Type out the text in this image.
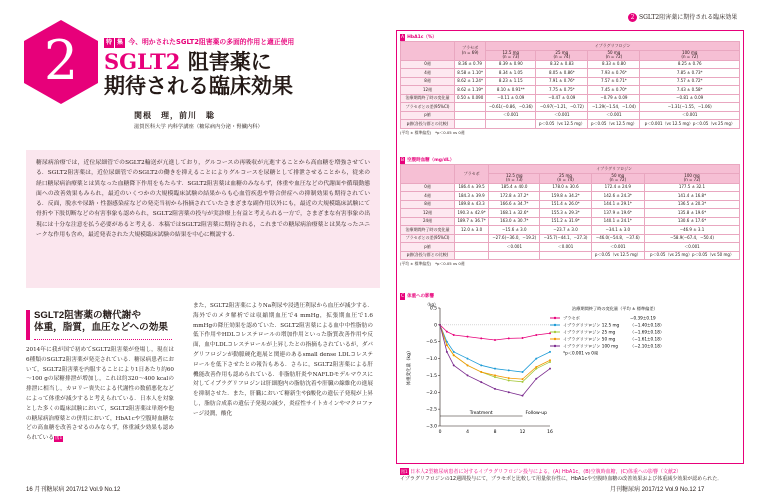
2	特 集 今、明かされたSGLT2阻害薬の多面的作用と適正使用
SGLT2 阻害薬に
期待される臨床効果
関根　理，前川　聡
滋賀医科大学 内科学講座（糖尿病内分泌・腎臓内科）
糖尿病治療では，近位尿細管でのSGLT2輸送が亢進しており，グルコースの再吸収が亢進することから高血糖を増強させている．SGLT2阻害薬は，近位尿細管でのSGLT2の働きを抑えることによりグルコースを尿糖として排泄させることから，従来の経口糖尿病治療薬とは異なった血糖降下作用をもたらす．SGLT2阻害薬は血糖のみならず，体重や血圧などの代謝面や循環動態面への改善効果もみられ，最近のいくつかの大規模臨床試験の結果からも心血管疾患や腎合併症への抑制効果も期待されている．反面，脱水や尿路・性器感染症などの発売当初から指摘されていたさまざまな副作用以外にも，最近の大規模臨床試験にて骨折や下肢切断などの有害事象も認められ，SGLT2阻害薬の投与が実診療上有益と考えられる一方で，さまざまな有害事象の出現には十分な注意を払う必要があると考える．本稿ではSGLT2阻害薬に期待される，これまでの糖尿病治療薬とは異なったユニークな作用も含め，最近発表された大規模臨床試験の結果を中心に概説する．
SGLT2阻害薬の糖代謝や
体重，脂質，血圧などへの効果
2014年に我が国で初めてSGLT2阻害薬が登場し，現在は6種類のSGLT2阻害薬が発売されている．糖尿病患者において，SGLT2阻害薬を内服することにより1日あたり約60～100 gの尿糖排泄が増加し，これは約320～400 kcalの排泄に相当し，カロリー喪失による代謝性の数値悪化などによって体重が減少すると考えられている．日本人を対象とした多くの臨床試験において，SGLT2阻害薬は単剤や他の糖尿病治療薬との併用において，HbA1cや空腹時血糖などの高血糖を改善させるのみならず，体重減少効果も認められている図1
また，SGLT2阻害薬によりNa利尿や浸透圧利尿から血圧が減少する．海外でのメタ解析では収縮期血圧で4 mmHg，拡張期血圧で1.6 mmHgの降圧効果を認めていた．SGLT2阻害薬による血中中性脂肪の低下作用やHDLコレステロールの増加作用といった脂質改善作用や反面，血中LDLコレステロールが上昇したとの指摘もされているが，ダパグリフロジンが動脈硬化進展と関連のあるsmall dense LDLコレステロールを低下させたとの報告もある．さらに，SGLT2阻害薬による肝機能改善作用も認められている．非脂肪肝炎やNAFLDモデルマウスに対してイプラグリフロジンは肝細胞内の脂肪沈着や肝臓の線維化の進展を抑制させた．また，肝臓において糖新生やβ酸化の遺伝子発現が上昇し，脂肪合成系の遺伝子発現の減少，炎症性サイトカインやマクロファージ浸潤，酸化
16 月刊糖尿病 2017/12 Vol.9 No.12
2 SGLT2阻害薬に期待される臨床効果
A HbA1c（%）
	プラセボ
(n = 69)	イプラグリフロジン			
		12.5 mg
(n = 73)	25 mg
(n = 74)	50 mg
(n = 72)	100 mg
(n = 72)
0週	8.36 ± 0.79	8.39 ± 0.90	8.32 ± 0.83	8.33 ± 0.80	8.25 ± 0.76
4週	8.58 ± 1.10*	8.34 ± 1.05	8.05 ± 0.86*	7.93 ± 0.76*	7.85 ± 0.73*
8週	8.62 ± 1.24*	8.23 ± 1.15	7.91 ± 0.76*	7.57 ± 0.71*	7.57 ± 0.72*
12週	8.62 ± 1.19*	8.10 ± 0.91**	7.75 ± 0.75*	7.45 ± 0.70*	7.43 ± 0.58*
治療期間終了時の変化量	0.50 ± 0.090	−0.11 ± 0.09	−0.47 ± 0.09	−0.79 ± 0.09	−0.81 ± 0.09
プラセボとの差(95%CI)		−0.61(−0.86，−0.36)	−0.97(−1.21，−0.72)	−1.29(−1.54，−1.04)	−1.31(−1.55，−1.06)
p値		＜0.001	＜0.001	＜0.001	＜0.001
p値(各投与群との比較)			p＜0.05（vs 12.5 mg）	p＜0.05（vs 12.5 mg）	p＜0.001（vs 12.5 mg）p＜0.05（vs 25 mg）
(平均 ± 標準偏差)　*p＜0.05 vs 0週
B 空腹時血糖（mg/dL）
	プラセボ	イプラグリフロジン			
		12.5 mg
(n = 73)	25 mg
(n = 74)	50 mg
(n = 72)	100 mg
(n = 72)
0週	186.4 ± 39.5	185.4 ± 40.0	178.0 ± 30.6	172.4 ± 24.9	177.5 ± 32.1
4週	184.3 ± 39.9	172.8 ± 37.2*	159.8 ± 34.2*	142.6 ± 24.3*	141.4 ± 16.8*
8週	189.8 ± 43.3	166.6 ± 34.7*	151.4 ± 26.0*	144.1 ± 29.1*	136.5 ± 20.3*
12週	190.3 ± 42.9*	168.1 ± 32.6*	155.3 ± 29.3*	137.9 ± 19.6*	135.8 ± 19.6*
24週	189.7 ± 36.7*	163.0 ± 30.7*	151.2 ± 31.9*	140.1 ± 24.1*	130.6 ± 17.6*
治療期間終了時の変化量	12.0 ± 3.0	−15.6 ± 3.0	−23.7 ± 3.0	−34.1 ± 3.0	−46.9 ± 3.1
プラセボとの差(95%CI)		−27.6(−36.0，−19.2)	−35.7(−44.1，−27.3)	−46.0(−54.8，−37.6)	−58.9(−67.4，−50.4)
p値		＜0.001	＜0.001	＜0.001	＜0.001
p値(各投与群との比較)				p＜0.05（vs 12.5 mg）	p＜0.05（vs 25 mg）p＜0.05（vs 50 mg）
(平均 ± 標準偏差)　*p＜0.05 vs 0週
C 体重への影響
0.5
0
−0.5
−1.0
−1.5
−2.0
−2.5
−3.0
0	4	8	12	16
体重変化量（kg）
（kg）
Treatment	Follow-up
治療期間終了時の変化量（平均 ± 標準偏差）
プラセボ	−0.39±0.19
イプラグリフロジン 12.5 mg	（−1.40±0.18）
イプラグリフロジン 25 mg	（−1.69±0.18）
イプラグリフロジン 50 mg	（−1.61±0.18）
イプラグリフロジン 100 mg	（−2.10±0.18）
*p＜0.001 vs 0週
図1 日本人2型糖尿病患者に対するイプラグリフロジン投与による，(A) HbA1c，(B)空腹時血糖，(C)体重への影響（文献2）
イプラグリフロジンの12週間投与にて，プラセボと比較して用量依存性に，HbA1cや空腹時血糖の改善効果および体重減少効果が認められた．
月刊糖尿病 2017/12 Vol.9 No.12 17
